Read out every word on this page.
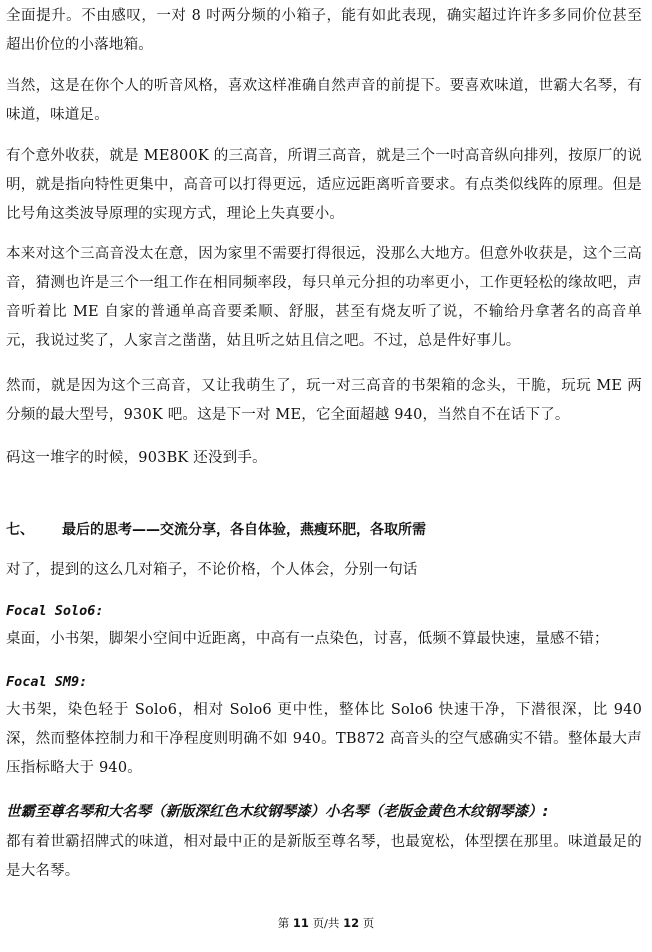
全面提升。不由感叹，一对 8 吋两分频的小箱子，能有如此表现，确实超过许许多多同价位甚至超出价位的小落地箱。

当然，这是在你个人的听音风格，喜欢这样准确自然声音的前提下。要喜欢味道，世霸大名琴，有味道，味道足。

有个意外收获，就是 ME800K 的三高音，所谓三高音，就是三个一吋高音纵向排列，按原厂的说明，就是指向特性更集中，高音可以打得更远，适应远距离听音要求。有点类似线阵的原理。但是比号角这类波导原理的实现方式，理论上失真要小。

本来对这个三高音没太在意，因为家里不需要打得很远，没那么大地方。但意外收获是，这个三高音，猜测也许是三个一组工作在相同频率段，每只单元分担的功率更小，工作更轻松的缘故吧，声音听着比 ME 自家的普通单高音要柔顺、舒服，甚至有烧友听了说，不输给丹拿著名的高音单元，我说过奖了，人家言之凿凿，姑且听之姑且信之吧。不过，总是件好事儿。

然而，就是因为这个三高音，又让我萌生了，玩一对三高音的书架箱的念头，干脆，玩玩 ME 两分频的最大型号，930K 吧。这是下一对 ME，它全面超越 940，当然自不在话下了。

码这一堆字的时候，903BK 还没到手。

七、 最后的思考——交流分享，各自体验，燕瘦环肥，各取所需

对了，提到的这么几对箱子，不论价格，个人体会，分别一句话

Focal Solo6:

桌面，小书架，脚架小空间中近距离，中高有一点染色，讨喜，低频不算最快速，量感不错；

Focal SM9:

大书架，染色轻于 Solo6，相对 Solo6 更中性，整体比 Solo6 快速干净，下潜很深，比 940 深，然而整体控制力和干净程度则明确不如 940。TB872 高音头的空气感确实不错。整体最大声压指标略大于 940。

世霸至尊名琴和大名琴（新版深红色木纹钢琴漆）小名琴（老版金黄色木纹钢琴漆）:

都有着世霸招牌式的味道，相对最中正的是新版至尊名琴，也最宽松，体型摆在那里。味道最足的是大名琴。

第 11 页/共 12 页
